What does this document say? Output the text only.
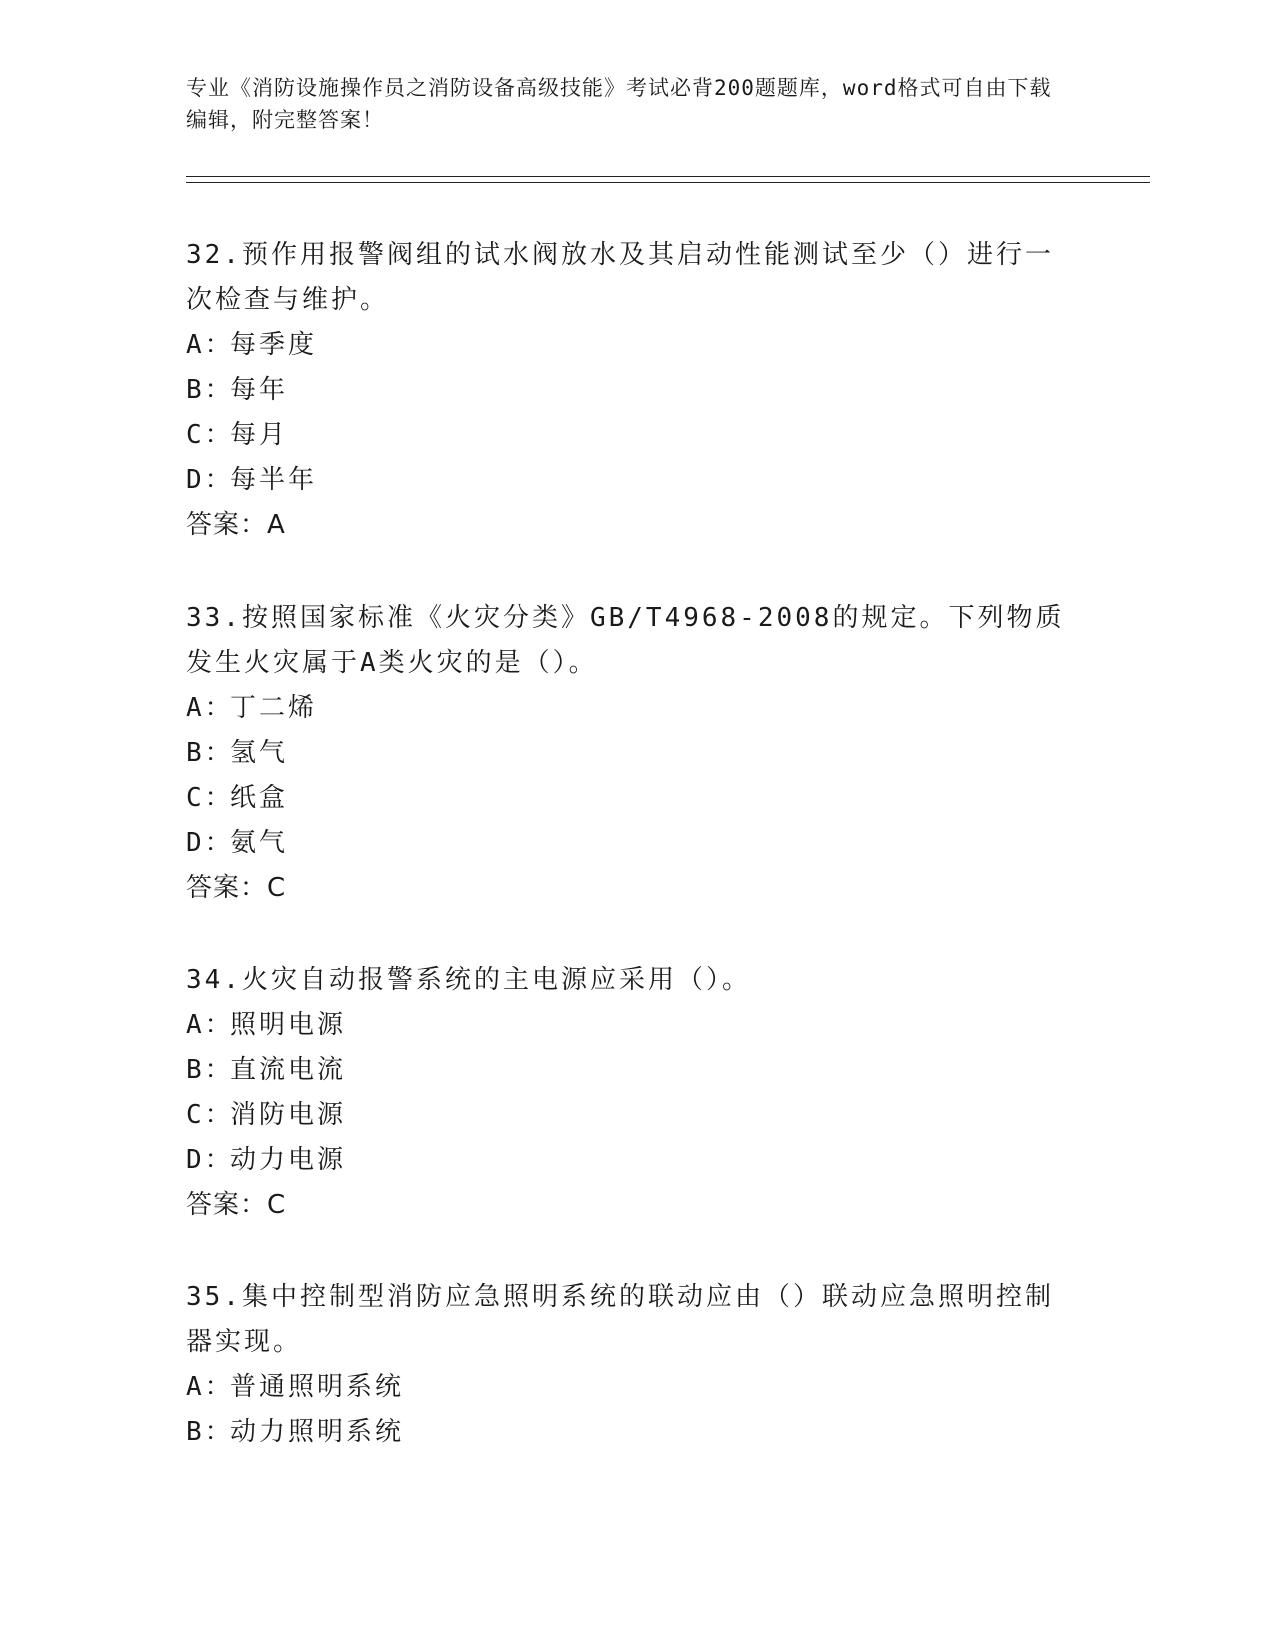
专业《消防设施操作员之消防设备高级技能》考试必背200题题库，word格式可自由下载编辑，附完整答案！

32.预作用报警阀组的试水阀放水及其启动性能测试至少（）进行一次检查与维护。

A：每季度
B：每年
C：每月
D：每半年
答案：A

33.按照国家标准《火灾分类》GB/T4968-2008的规定。下列物质发生火灾属于A类火灾的是（）。

A：丁二烯
B：氢气
C：纸盒
D：氨气
答案：C

34.火灾自动报警系统的主电源应采用（）。

A：照明电源
B：直流电流
C：消防电源
D：动力电源
答案：C

35.集中控制型消防应急照明系统的联动应由（）联动应急照明控制器实现。

A：普通照明系统
B：动力照明系统
